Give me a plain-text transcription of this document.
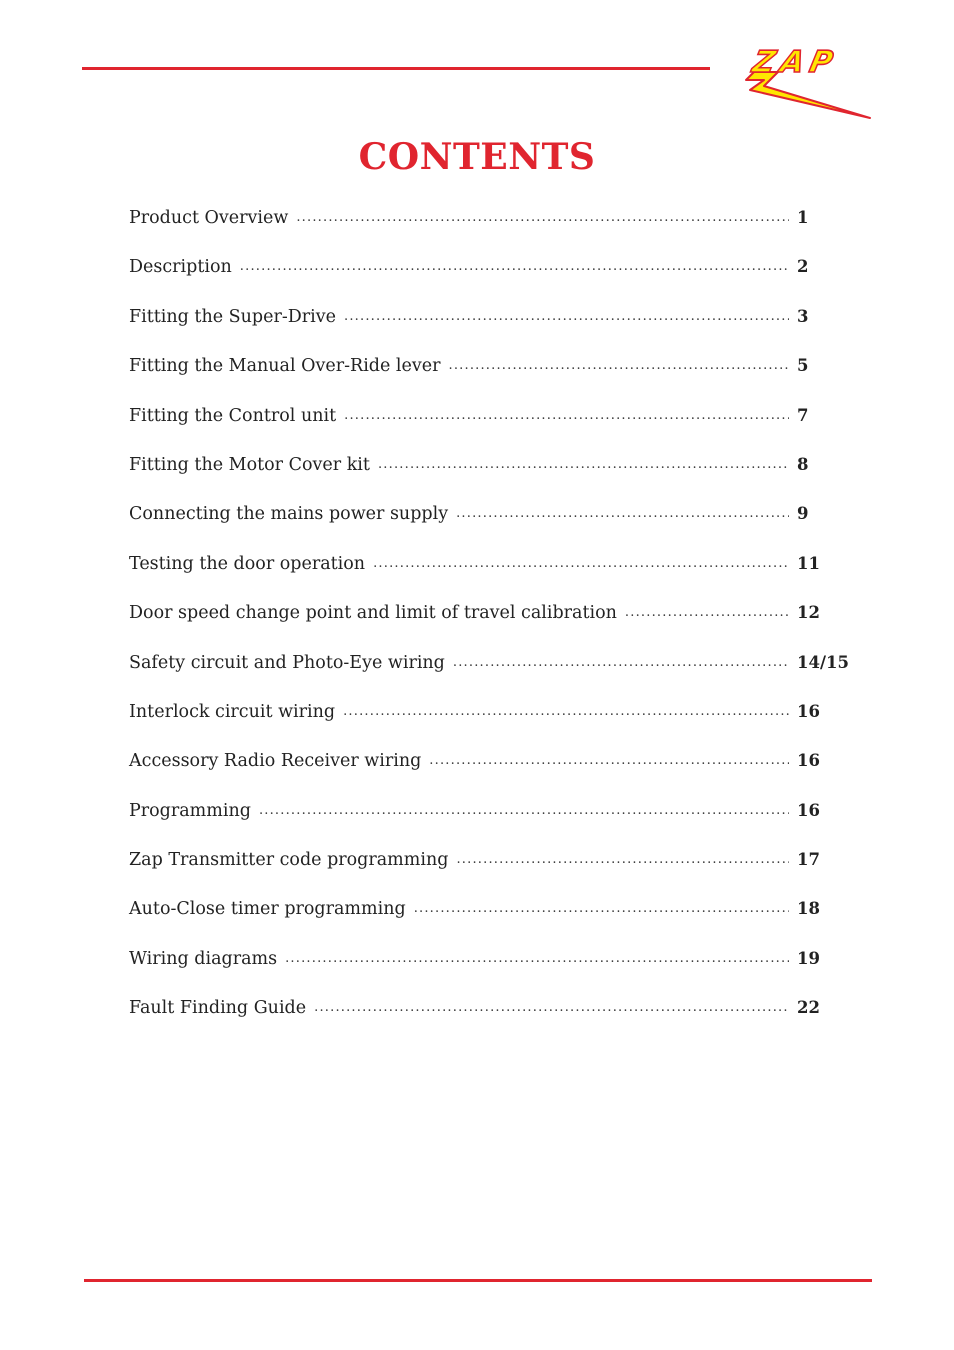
ZAP
CONTENTS
Product Overview .....	1
Description .....	2
Fitting the Super-Drive .....	3
Fitting the Manual Over-Ride lever .....	5
Fitting the Control unit .....	7
Fitting the Motor Cover kit .....	8
Connecting the mains power supply .....	9
Testing the door operation .....	11
Door speed change point and limit of travel calibration .....	12
Safety circuit and Photo-Eye wiring .....	14/15
Interlock circuit wiring .....	16
Accessory Radio Receiver wiring .....	16
Programming .....	16
Zap Transmitter code programming .....	17
Auto-Close timer programming .....	18
Wiring diagrams .....	19
Fault Finding Guide .....	22
